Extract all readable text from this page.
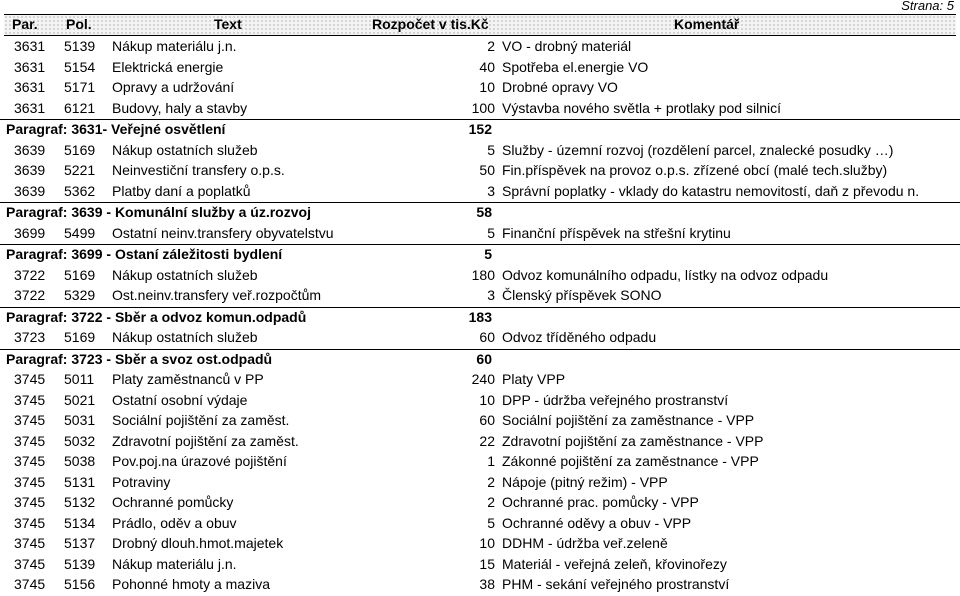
Strana: 5
Par. Pol.	Text	Rozpočet v tis.Kč	Komentář
3631 5139 Nákup materiálu j.n.	2 VO - drobný materiál
3631 5154 Elektrická energie	40 Spotřeba el.energie VO
3631 5171 Opravy a udržování	10 Drobné opravy VO
3631 6121 Budovy, haly a stavby	100 Výstavba nového světla + protlaky pod silnicí
Paragraf: 3631- Veřejné osvětlení	152
3639 5169 Nákup ostatních služeb	5 Služby - územní rozvoj (rozdělení parcel, znalecké posudky …)
3639 5221 Neinvestiční transfery o.p.s.	50 Fin.příspěvek na provoz o.p.s. zřízené obcí (malé tech.služby)
3639 5362 Platby daní a poplatků	3 Správní poplatky - vklady do katastru nemovitostí, daň z převodu n.
Paragraf: 3639 - Komunální služby a úz.rozvoj	58
3699 5499 Ostatní neinv.transfery obyvatelstvu	5 Finanční příspěvek na střešní krytinu
Paragraf: 3699 - Ostaní záležitosti bydlení	5
3722 5169 Nákup ostatních služeb	180 Odvoz komunálního odpadu, lístky na odvoz odpadu
3722 5329 Ost.neinv.transfery veř.rozpočtům	3 Členský příspěvek SONO
Paragraf: 3722 - Sběr a odvoz komun.odpadů	183
3723 5169 Nákup ostatních služeb	60 Odvoz tříděného odpadu
Paragraf: 3723 - Sběr a svoz ost.odpadů	60
3745 5011 Platy zaměstnanců v PP	240 Platy VPP
3745 5021 Ostatní osobní výdaje	10 DPP - údržba veřejného prostranství
3745 5031 Sociální pojištění za zaměst.	60 Sociální pojištění za zaměstnance - VPP
3745 5032 Zdravotní pojištění za zaměst.	22 Zdravotní pojištění za zaměstnance - VPP
3745 5038 Pov.poj.na úrazové pojištění	1 Zákonné pojištění za zaměstnance - VPP
3745 5131 Potraviny	2 Nápoje (pitný režim) - VPP
3745 5132 Ochranné pomůcky	2 Ochranné prac. pomůcky - VPP
3745 5134 Prádlo, oděv a obuv	5 Ochranné oděvy a obuv - VPP
3745 5137 Drobný dlouh.hmot.majetek	10 DDHM - údržba veř.zeleně
3745 5139 Nákup materiálu j.n.	15 Materiál - veřejná zeleň, křovinořezy
3745 5156 Pohonné hmoty a maziva	38 PHM - sekání veřejného prostranství
